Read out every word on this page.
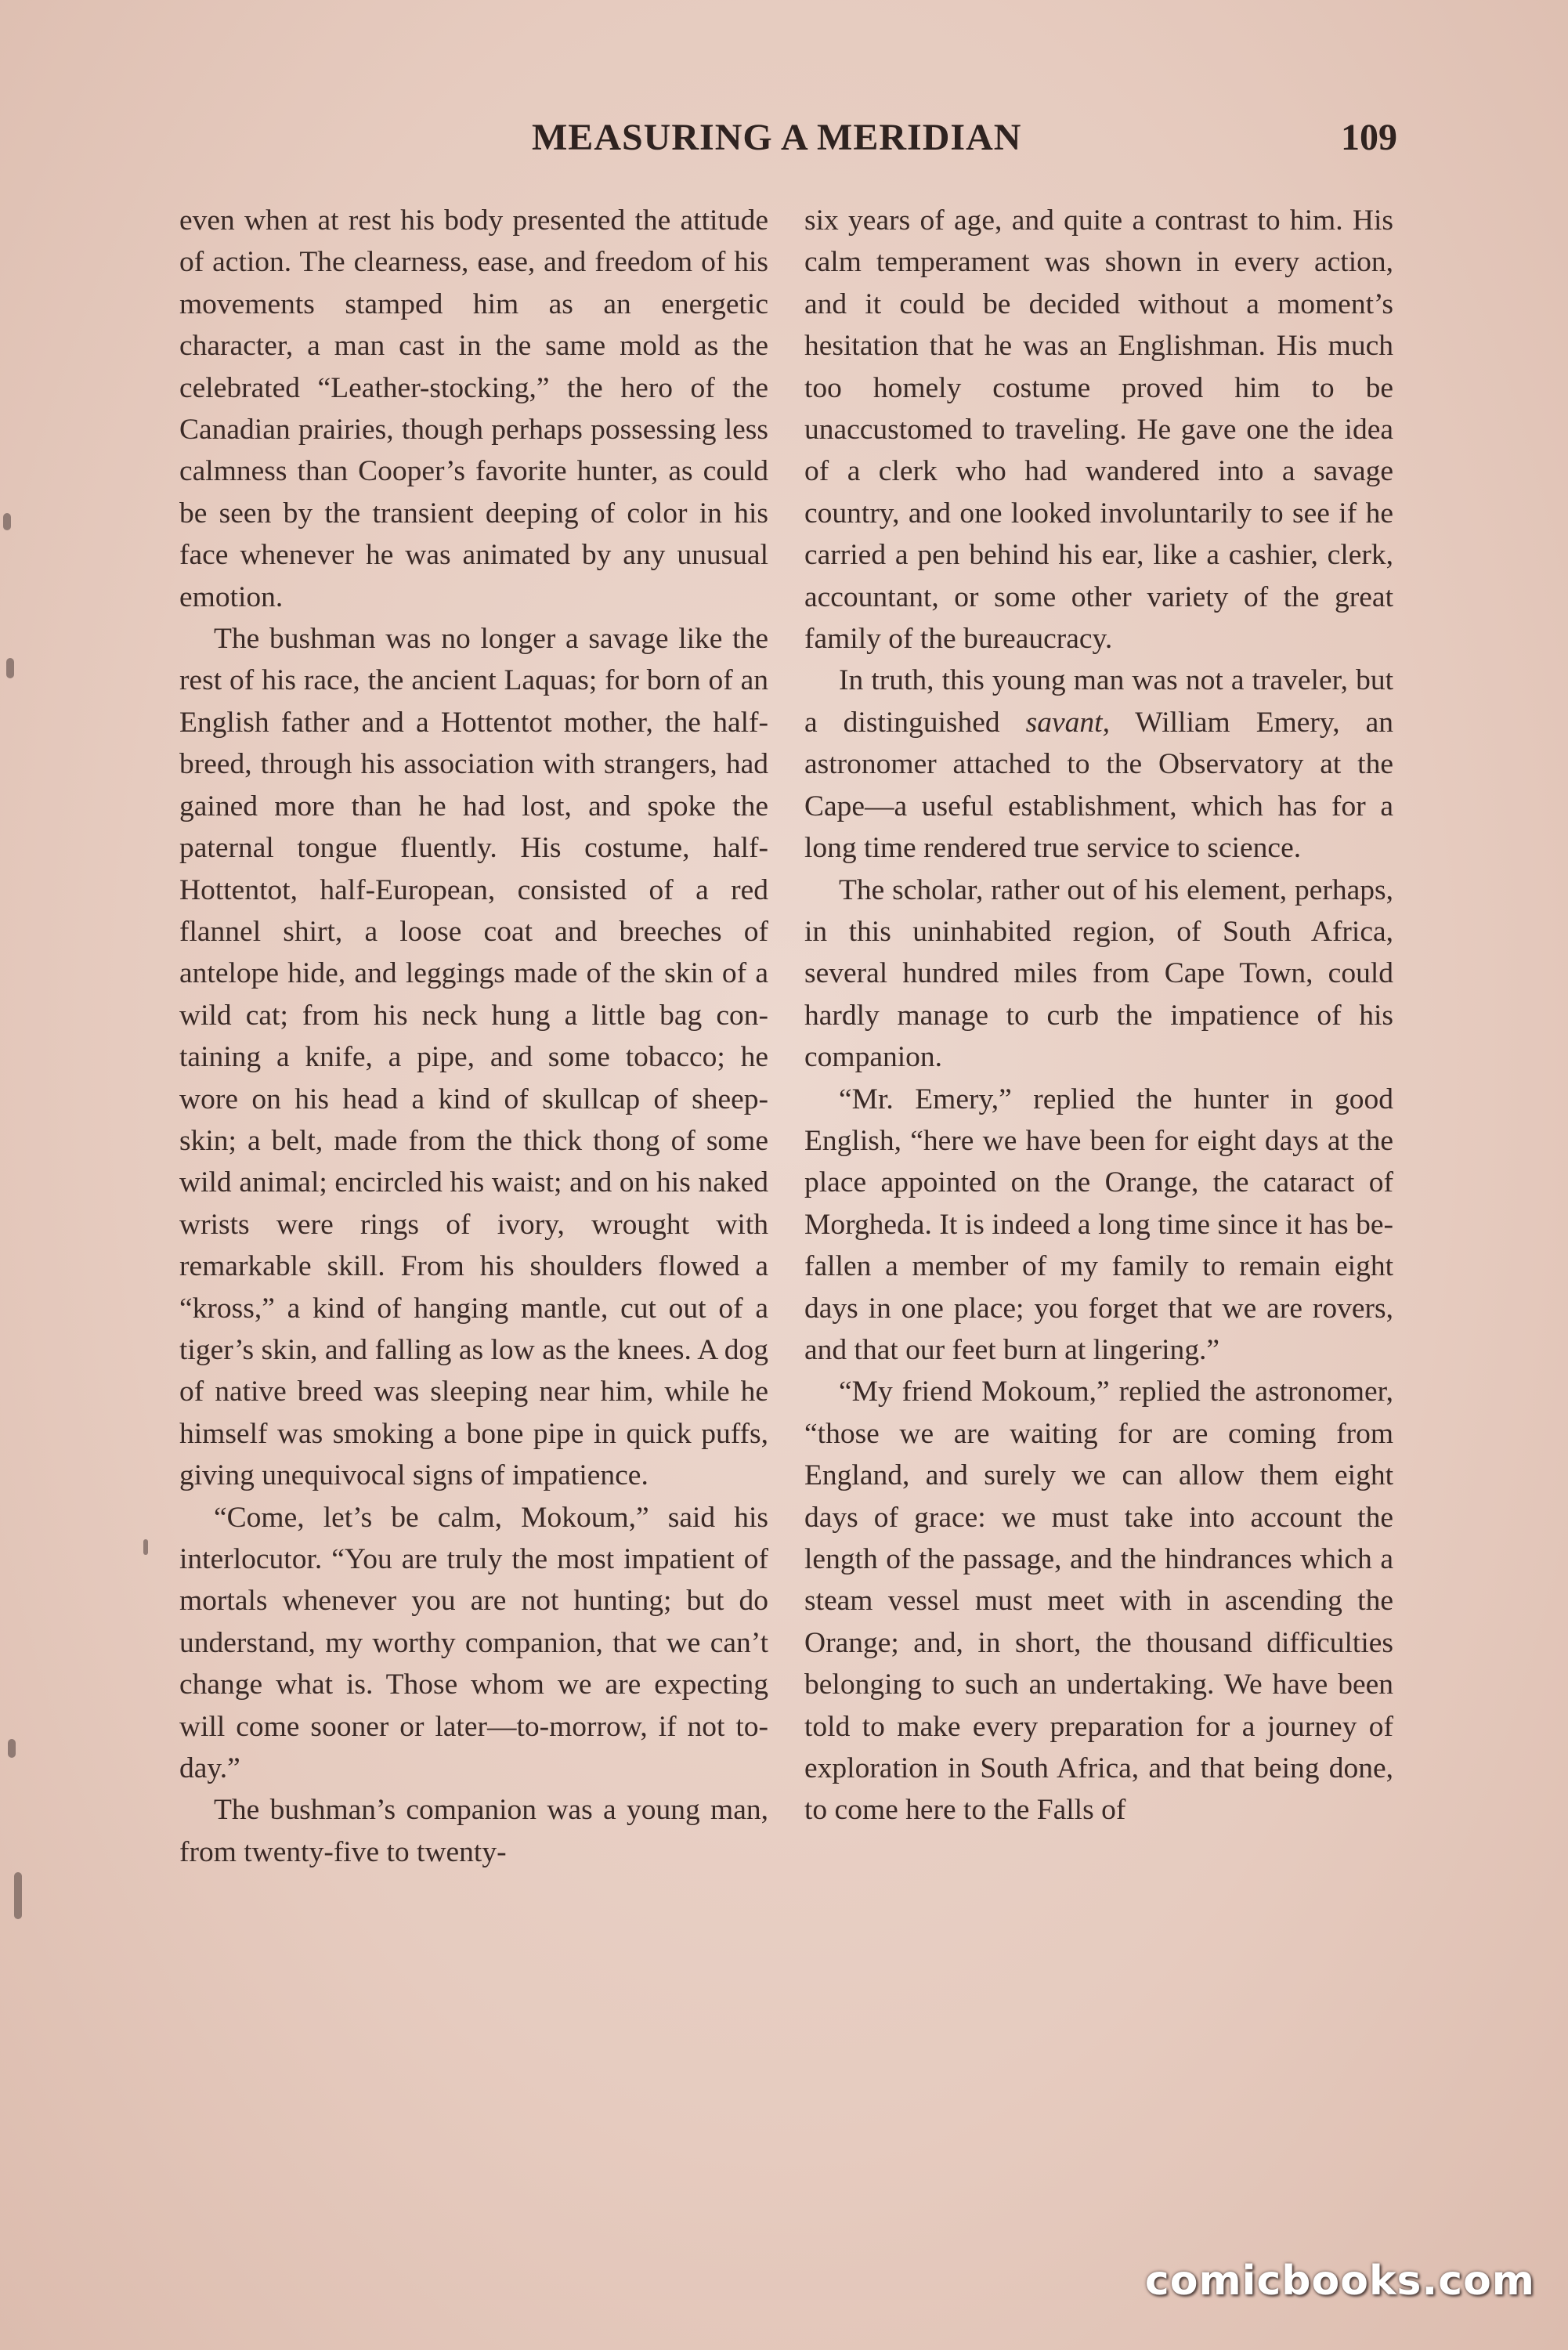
MEASURING A MERIDIAN	109

even when at rest his body presented the attitude of action. The clearness, ease, and freedom of his movements stamped him as an energetic character, a man cast in the same mold as the celebrated “Leather-stocking,” the hero of the Canadian prairies, though perhaps possessing less calmness than Cooper’s favorite hunter, as could be seen by the transient deeping of color in his face whenever he was animated by any unusual emotion.

The bushman was no longer a savage like the rest of his race, the ancient Laquas; for born of an English father and a Hottentot mother, the half-breed, through his association with strangers, had gained more than he had lost, and spoke the paternal tongue fluently. His costume, half-Hottentot, half-European, consisted of a red flannel shirt, a loose coat and breeches of antelope hide, and leggings made of the skin of a wild cat; from his neck hung a little bag containing a knife, a pipe, and some tobacco; he wore on his head a kind of skullcap of sheep-skin; a belt, made from the thick thong of some wild animal; encircled his waist; and on his naked wrists were rings of ivory, wrought with remarkable skill. From his shoulders flowed a “kross,” a kind of hanging mantle, cut out of a tiger’s skin, and falling as low as the knees. A dog of native breed was sleeping near him, while he himself was smoking a bone pipe in quick puffs, giving unequivocal signs of impatience.

“Come, let’s be calm, Mokoum,” said his interlocutor. “You are truly the most impatient of mortals whenever you are not hunting; but do understand, my worthy companion, that we can’t change what is. Those whom we are expecting will come sooner or later—to-morrow, if not to-day.”

The bushman’s companion was a young man, from twenty-five to twenty-

six years of age, and quite a contrast to him. His calm temperament was shown in every action, and it could be decided without a moment’s hesitation that he was an Englishman. His much too homely costume proved him to be unaccustomed to traveling. He gave one the idea of a clerk who had wandered into a savage country, and one looked involuntarily to see if he carried a pen behind his ear, like a cashier, clerk, accountant, or some other variety of the great family of the bureaucracy.

In truth, this young man was not a traveler, but a distinguished savant, William Emery, an astronomer attached to the Observatory at the Cape—a useful establishment, which has for a long time rendered true service to science.

The scholar, rather out of his element, perhaps, in this uninhabited region, of South Africa, several hundred miles from Cape Town, could hardly manage to curb the impatience of his companion.

“Mr. Emery,” replied the hunter in good English, “here we have been for eight days at the place appointed on the Orange, the cataract of Morgheda. It is indeed a long time since it has befallen a member of my family to remain eight days in one place; you forget that we are rovers, and that our feet burn at lingering.”

“My friend Mokoum,” replied the astronomer, “those we are waiting for are coming from England, and surely we can allow them eight days of grace: we must take into account the length of the passage, and the hindrances which a steam vessel must meet with in ascending the Orange; and, in short, the thousand difficulties belonging to such an undertaking. We have been told to make every preparation for a journey of exploration in South Africa, and that being done, to come here to the Falls of

comicbooks.com
